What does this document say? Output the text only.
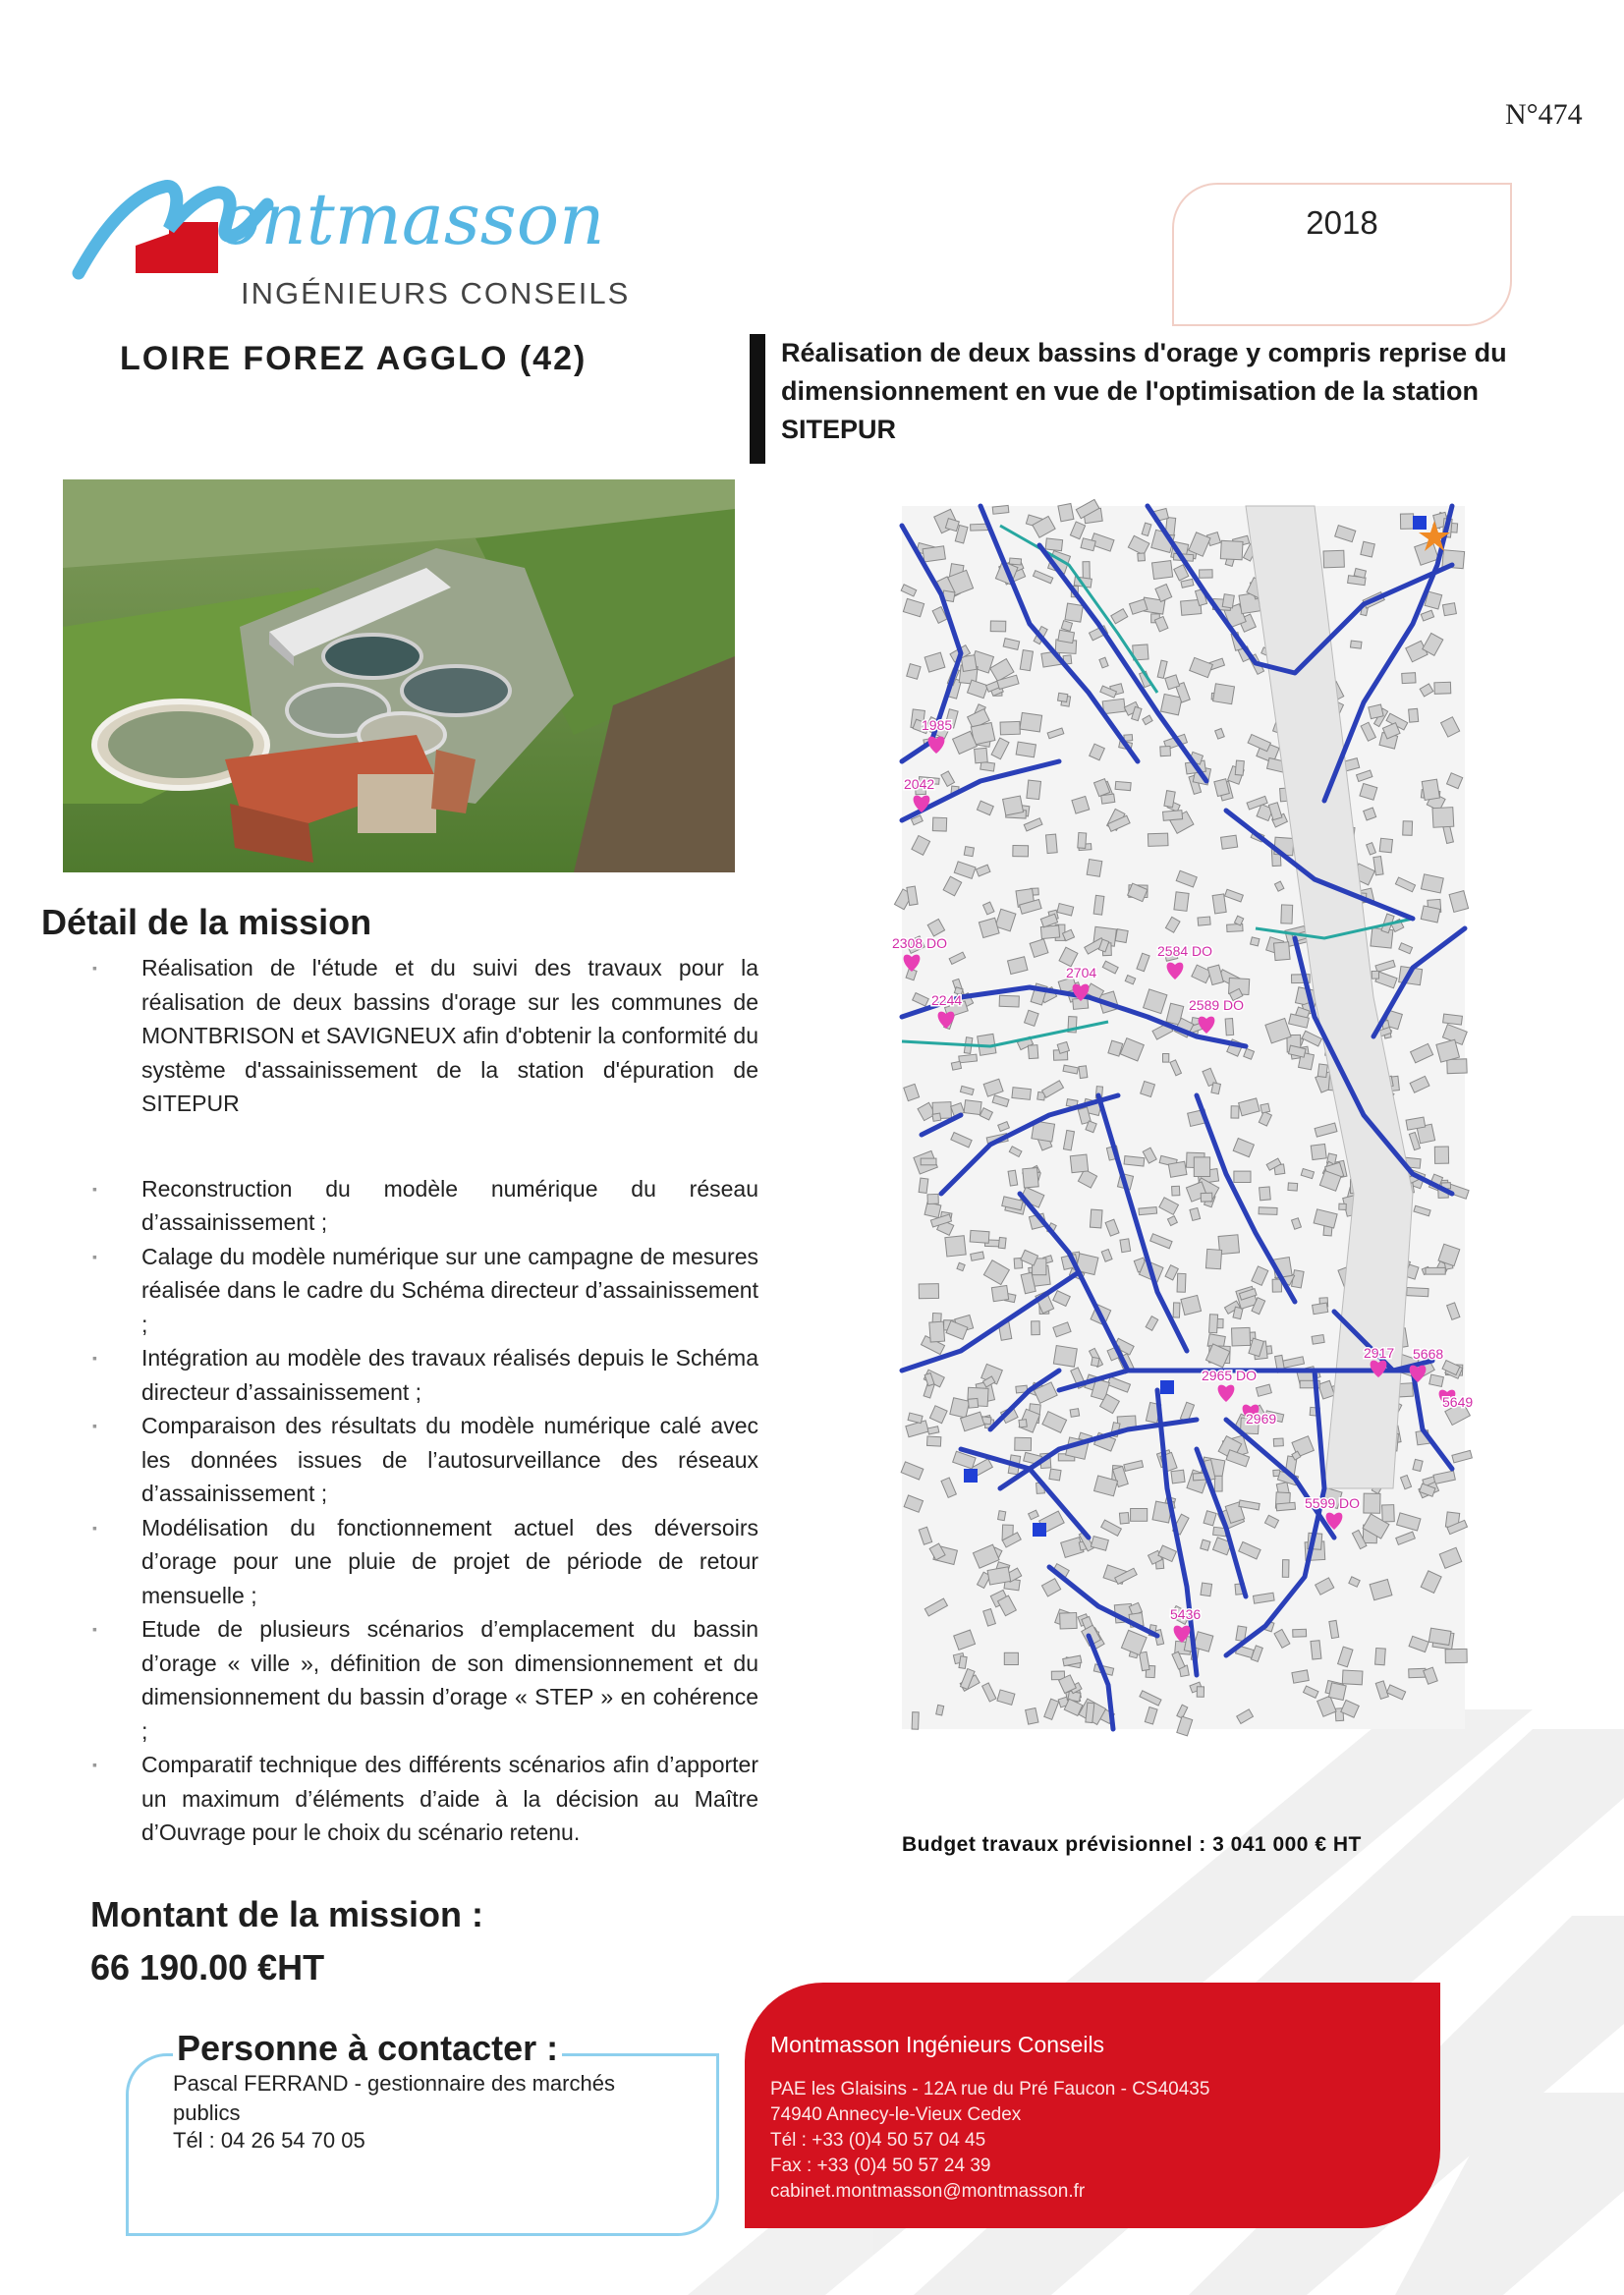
N°474
ontmasson
INGÉNIEURS CONSEILS
2018
LOIRE FOREZ AGGLO (42)	Réalisation de deux bassins d'orage y compris reprise du dimensionnement en vue de l'optimisation de la station SITEPUR
1985
2042
2308 DO
2704
2584 DO
2244	2589 DO
2965 DO
2969
2917 5668
5649
5599 DO
5436
Détail de la mission
▪ Réalisation de l'étude et du suivi des travaux pour la réalisation de deux bassins d'orage sur les communes de MONTBRISON et SAVIGNEUX afin d'obtenir la conformité du système d'assainissement de la station d'épuration de SITEPUR
▪ Reconstruction du modèle numérique du réseau d’assainissement ;
▪ Calage du modèle numérique sur une campagne de mesures réalisée dans le cadre du Schéma directeur d’assainissement ;
▪ Intégration au modèle des travaux réalisés depuis le Schéma directeur d’assainissement ;
▪ Comparaison des résultats du modèle numérique calé avec les données issues de l’autosurveillance des réseaux d’assainissement ;
▪ Modélisation du fonctionnement actuel des déversoirs d’orage pour une pluie de projet de période de retour mensuelle ;
▪ Etude de plusieurs scénarios d’emplacement du bassin d’orage « ville », définition de son dimensionnement et du dimensionnement du bassin d’orage « STEP » en cohérence ;
▪ Comparatif technique des différents scénarios afin d’apporter un maximum d’éléments d’aide à la décision au Maître d’Ouvrage pour le choix du scénario retenu.	Budget travaux prévisionnel : 3 041 000 € HT
Montant de la mission :
66 190.00 €HT
Personne à contacter :
Pascal FERRAND - gestionnaire des marchés publics
Tél : 04 26 54 70 05
Montmasson Ingénieurs Conseils
PAE les Glaisins - 12A rue du Pré Faucon - CS40435
74940 Annecy-le-Vieux Cedex
Tél : +33 (0)4 50 57 04 45
Fax : +33 (0)4 50 57 24 39
cabinet.montmasson@montmasson.fr
